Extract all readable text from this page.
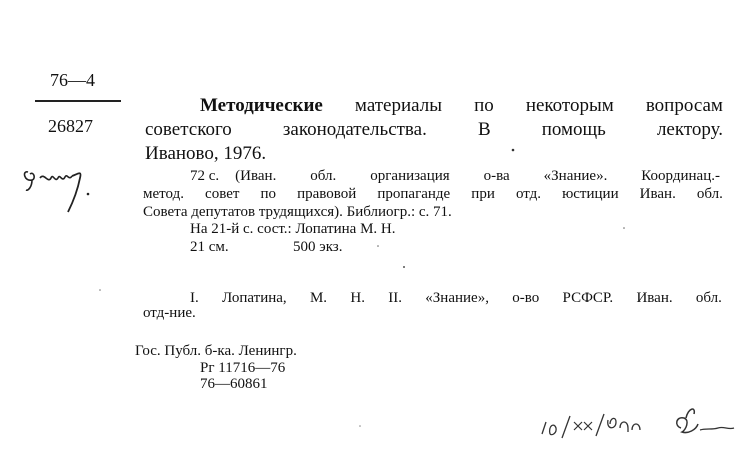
76—4
26827
Методические материалы по некоторым вопросам
советского	законодательства.	В	помощь	лектору.
Иваново, 1976.
72 с. (Иван. обл. организация о-ва «Знание». Координац.-
метод. совет по правовой пропаганде при отд. юстиции Иван. обл.
Совета депутатов трудящихся). Библиогр.: с. 71.
На 21-й с. сост.: Лопатина М. Н.
21 см.	500 экз.
I. Лопатина, М. Н. II. «Знание», о-во РСФСР. Иван. обл.
отд-ние.
Гос. Публ. б-ка. Ленингр.
Рг 11716—76
76—60861
